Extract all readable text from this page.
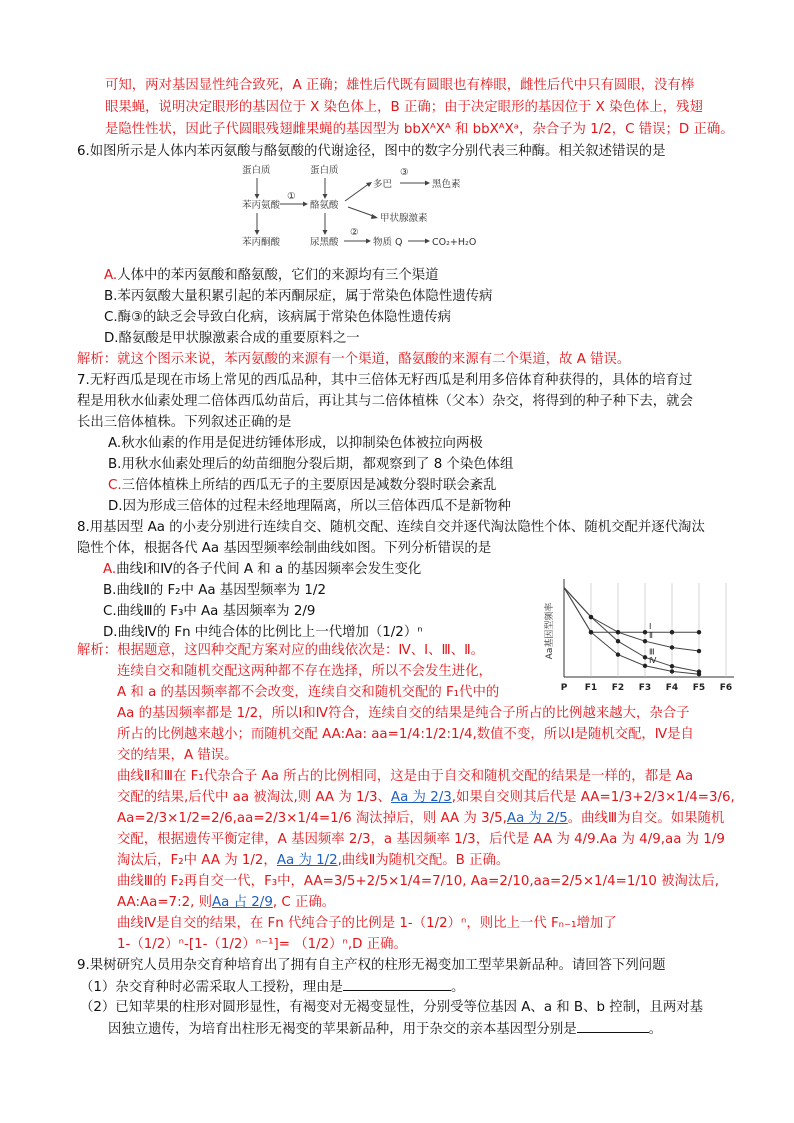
可知，两对基因显性纯合致死，A 正确；雄性后代既有圆眼也有棒眼，雌性后代中只有圆眼，没有棒
眼果蝇，说明决定眼形的基因位于 X 染色体上，B 正确；由于决定眼形的基因位于 X 染色体上，残翅
是隐性性状，因此子代圆眼残翅雌果蝇的基因型为 bbXᴬXᴬ 和 bbXᴬXᵃ，杂合子为 1/2，C 错误；D 正确。
6.如图所示是人体内苯丙氨酸与酪氨酸的代谢途径，图中的数字分别代表三种酶。相关叙述错误的是
蛋白质
苯丙氨酸
苯丙酮酸
蛋白质
酪氨酸
尿黑酸
多巴	黑色素
甲状腺激素
物质 Q	CO₂+H₂O
①
②
③
A.人体中的苯丙氨酸和酪氨酸，它们的来源均有三个渠道
B.苯丙氨酸大量积累引起的苯丙酮尿症，属于常染色体隐性遗传病
C.酶③的缺乏会导致白化病，该病属于常染色体隐性遗传病
D.酪氨酸是甲状腺激素合成的重要原料之一
解析：就这个图示来说，苯丙氨酸的来源有一个渠道，酪氨酸的来源有二个渠道，故 A 错误。
7.无籽西瓜是现在市场上常见的西瓜品种，其中三倍体无籽西瓜是利用多倍体育种获得的，具体的培育过
程是用秋水仙素处理二倍体西瓜幼苗后，再让其与二倍体植株（父本）杂交，将得到的种子种下去，就会
长出三倍体植株。下列叙述正确的是
A.秋水仙素的作用是促进纺锤体形成，以抑制染色体被拉向两极
B.用秋水仙素处理后的幼苗细胞分裂后期，都观察到了 8 个染色体组
C.三倍体植株上所结的西瓜无子的主要原因是减数分裂时联会紊乱
D.因为形成三倍体的过程未经地理隔离，所以三倍体西瓜不是新物种
8.用基因型 Aa 的小麦分别进行连续自交、随机交配、连续自交并逐代淘汰隐性个体、随机交配并逐代淘汰
隐性个体，根据各代 Aa 基因型频率绘制曲线如图。下列分析错误的是
A.曲线Ⅰ和Ⅳ的各子代间 A 和 a 的基因频率会发生变化
B.曲线Ⅱ的 F₂中 Aa 基因型频率为 1/2
C.曲线Ⅲ的 F₃中 Aa 基因频率为 2/9
D.曲线Ⅳ的 Fn 中纯合体的比例比上一代增加（1/2）ⁿ
解析：根据题意，这四种交配方案对应的曲线依次是：Ⅳ、Ⅰ、Ⅲ、Ⅱ。
连续自交和随机交配这两种都不存在选择，所以不会发生进化，
A 和 a 的基因频率都不会改变，连续自交和随机交配的 F₁代中的
Aa 的基因频率都是 1/2，所以Ⅰ和Ⅳ符合，连续自交的结果是纯合子所占的比例越来越大，杂合子
所占的比例越来越小；而随机交配 AA:Aa: aa=1/4:1/2:1/4,数值不变，所以Ⅰ是随机交配，Ⅳ是自
交的结果，A 错误。
曲线Ⅱ和Ⅲ在 F₁代杂合子 Aa 所占的比例相同，这是由于自交和随机交配的结果是一样的，都是 Aa
交配的结果,后代中 aa 被淘汰,则 AA 为 1/3、Aa 为 2/3,如果自交则其后代是 AA=1/3+2/3×1/4=3/6,
Aa=2/3×1/2=2/6,aa=2/3×1/4=1/6 淘汰掉后，则 AA 为 3/5,Aa 为 2/5。曲线Ⅲ为自交。如果随机
交配，根据遗传平衡定律，A 基因频率 2/3，a 基因频率 1/3，后代是 AA 为 4/9.Aa 为 4/9,aa 为 1/9
淘汰后，F₂中 AA 为 1/2，Aa 为 1/2,曲线Ⅱ为随机交配。B 正确。
曲线Ⅲ的 F₂再自交一代，F₃中，AA=3/5+2/5×1/4=7/10, Aa=2/10,aa=2/5×1/4=1/10 被淘汰后,
AA:Aa=7:2, 则Aa 占 2/9, C 正确。
曲线Ⅳ是自交的结果，在 Fn 代纯合子的比例是 1-（1/2）ⁿ，则比上一代 Fₙ₋₁增加了
1-（1/2）ⁿ-[1-（1/2）ⁿ⁻¹]= （1/2）ⁿ,D 正确。
Aa基因型频率
P F1 F2 F3 F4 F5 F6
Ⅰ
Ⅱ
Ⅲ
Ⅳ
9.果树研究人员用杂交育种培育出了拥有自主产权的柱形无褐变加工型苹果新品种。请回答下列问题
（1）杂交育种时必需采取人工授粉，理由是	。
（2）已知苹果的柱形对圆形显性，有褐变对无褐变显性，分别受等位基因 A、a 和 B、b 控制，且两对基
因独立遗传，为培育出柱形无褐变的苹果新品种，用于杂交的亲本基因型分别是	。
